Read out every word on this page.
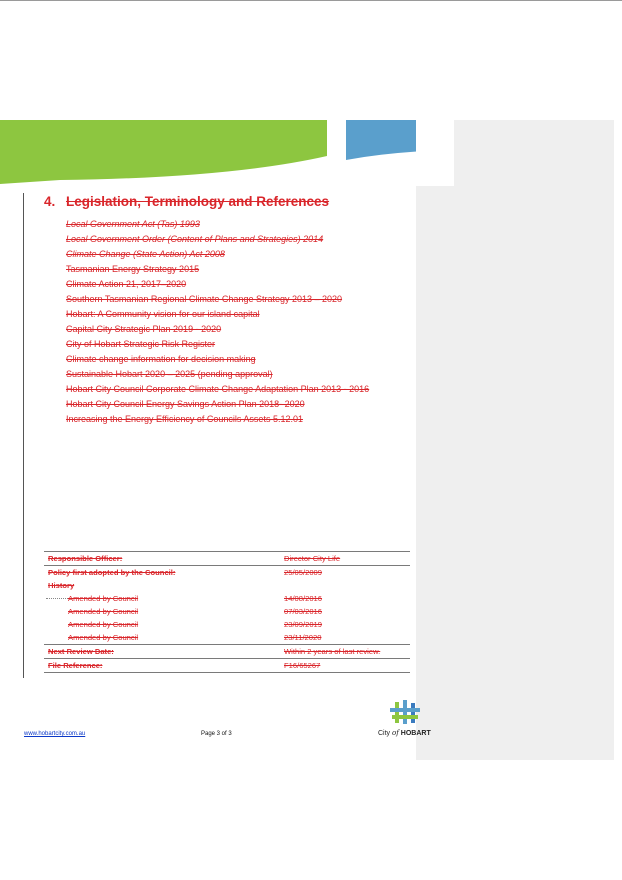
4. Legislation, Terminology and References
Local Government Act (Tas) 1993
Local Government Order (Content of Plans and Strategies) 2014
Climate Change (State Action) Act 2008
Tasmanian Energy Strategy 2015
Climate Action 21, 2017–2020
Southern Tasmanian Regional Climate Change Strategy 2013 – 2020
Hobart: A Community vision for our island capital
Capital City Strategic Plan 2019 - 2020
City of Hobart Strategic Risk Register
Climate change information for decision making
Sustainable Hobart 2020 – 2025 (pending approval)
Hobart City Council Corporate Climate Change Adaptation Plan 2013 - 2016
Hobart City Council Energy Savings Action Plan 2018- 2020
Increasing the Energy Efficiency of Councils Assets 5.12.01
Responsible Officer:	Director City Life
Policy first adopted by the Council:	25/05/2009
History	
Amended by Council	14/08/2016
Amended by Council	07/03/2016
Amended by Council	23/09/2019
Amended by Council	23/11/2020
Next Review Date:	Within 2 years of last review.
File Reference:	F16/65267
www.hobartcity.com.au	Page 3 of 3	City of HOBART
